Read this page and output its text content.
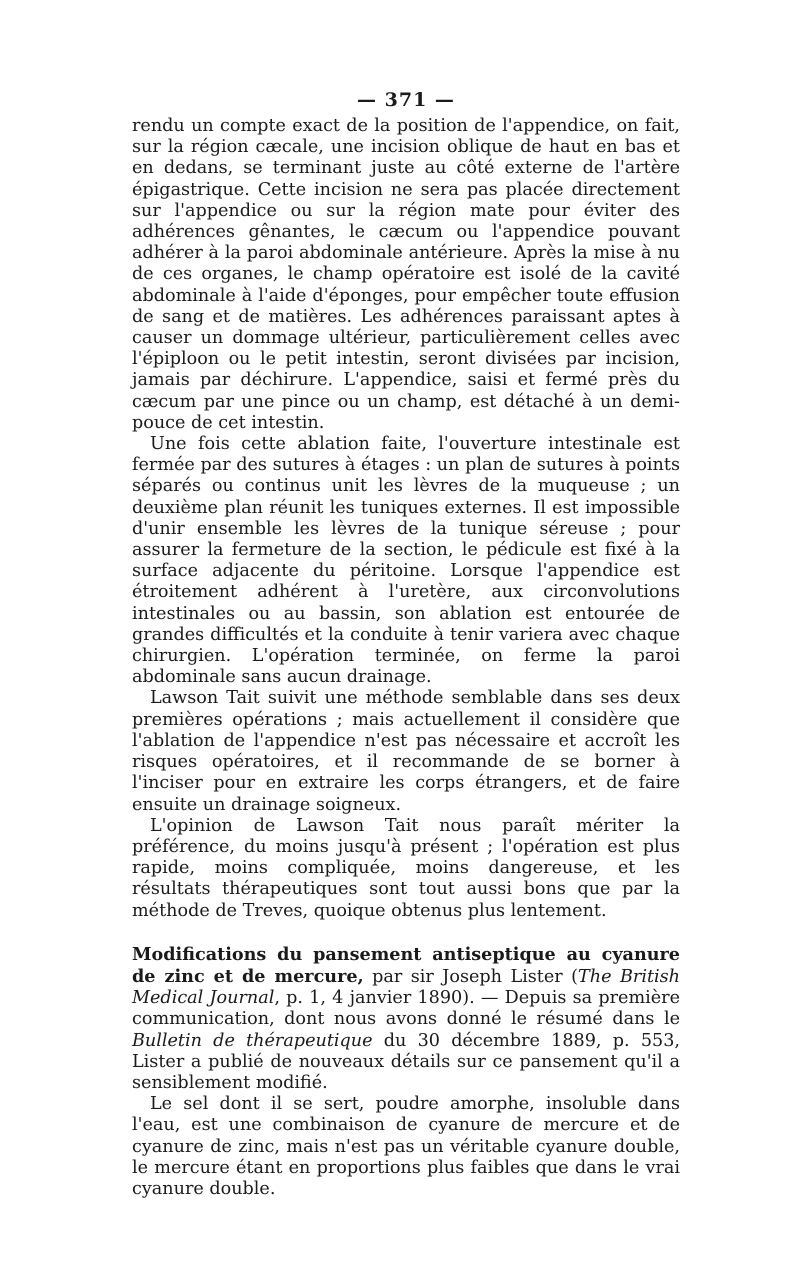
— 371 —

rendu un compte exact de la position de l'appendice, on fait, sur la région cæcale, une incision oblique de haut en bas et en dedans, se terminant juste au côté externe de l'artère épigastrique. Cette incision ne sera pas placée directement sur l'appendice ou sur la région mate pour éviter des adhérences gênantes, le cæcum ou l'appendice pouvant adhérer à la paroi abdominale antérieure. Après la mise à nu de ces organes, le champ opératoire est isolé de la cavité abdominale à l'aide d'éponges, pour empêcher toute effusion de sang et de matières. Les adhérences paraissant aptes à causer un dommage ultérieur, particulièrement celles avec l'épiploon ou le petit intestin, seront divisées par incision, jamais par déchirure. L'appendice, saisi et fermé près du cæcum par une pince ou un champ, est détaché à un demi-pouce de cet intestin.

Une fois cette ablation faite, l'ouverture intestinale est fermée par des sutures à étages : un plan de sutures à points séparés ou continus unit les lèvres de la muqueuse ; un deuxième plan réunit les tuniques externes. Il est impossible d'unir ensemble les lèvres de la tunique séreuse ; pour assurer la fermeture de la section, le pédicule est fixé à la surface adjacente du péritoine. Lorsque l'appendice est étroitement adhérent à l'uretère, aux circonvolutions intestinales ou au bassin, son ablation est entourée de grandes difficultés et la conduite à tenir variera avec chaque chirurgien. L'opération terminée, on ferme la paroi abdominale sans aucun drainage.

Lawson Tait suivit une méthode semblable dans ses deux premières opérations ; mais actuellement il considère que l'ablation de l'appendice n'est pas nécessaire et accroît les risques opératoires, et il recommande de se borner à l'inciser pour en extraire les corps étrangers, et de faire ensuite un drainage soigneux.

L'opinion de Lawson Tait nous paraît mériter la préférence, du moins jusqu'à présent ; l'opération est plus rapide, moins compliquée, moins dangereuse, et les résultats thérapeutiques sont tout aussi bons que par la méthode de Treves, quoique obtenus plus lentement.

Modifications du pansement antiseptique au cyanure de zinc et de mercure, par sir Joseph Lister (The British Medical Journal, p. 1, 4 janvier 1890). — Depuis sa première communication, dont nous avons donné le résumé dans le Bulletin de thérapeutique du 30 décembre 1889, p. 553, Lister a publié de nouveaux détails sur ce pansement qu'il a sensiblement modifié.

Le sel dont il se sert, poudre amorphe, insoluble dans l'eau, est une combinaison de cyanure de mercure et de cyanure de zinc, mais n'est pas un véritable cyanure double, le mercure étant en proportions plus faibles que dans le vrai cyanure double.
